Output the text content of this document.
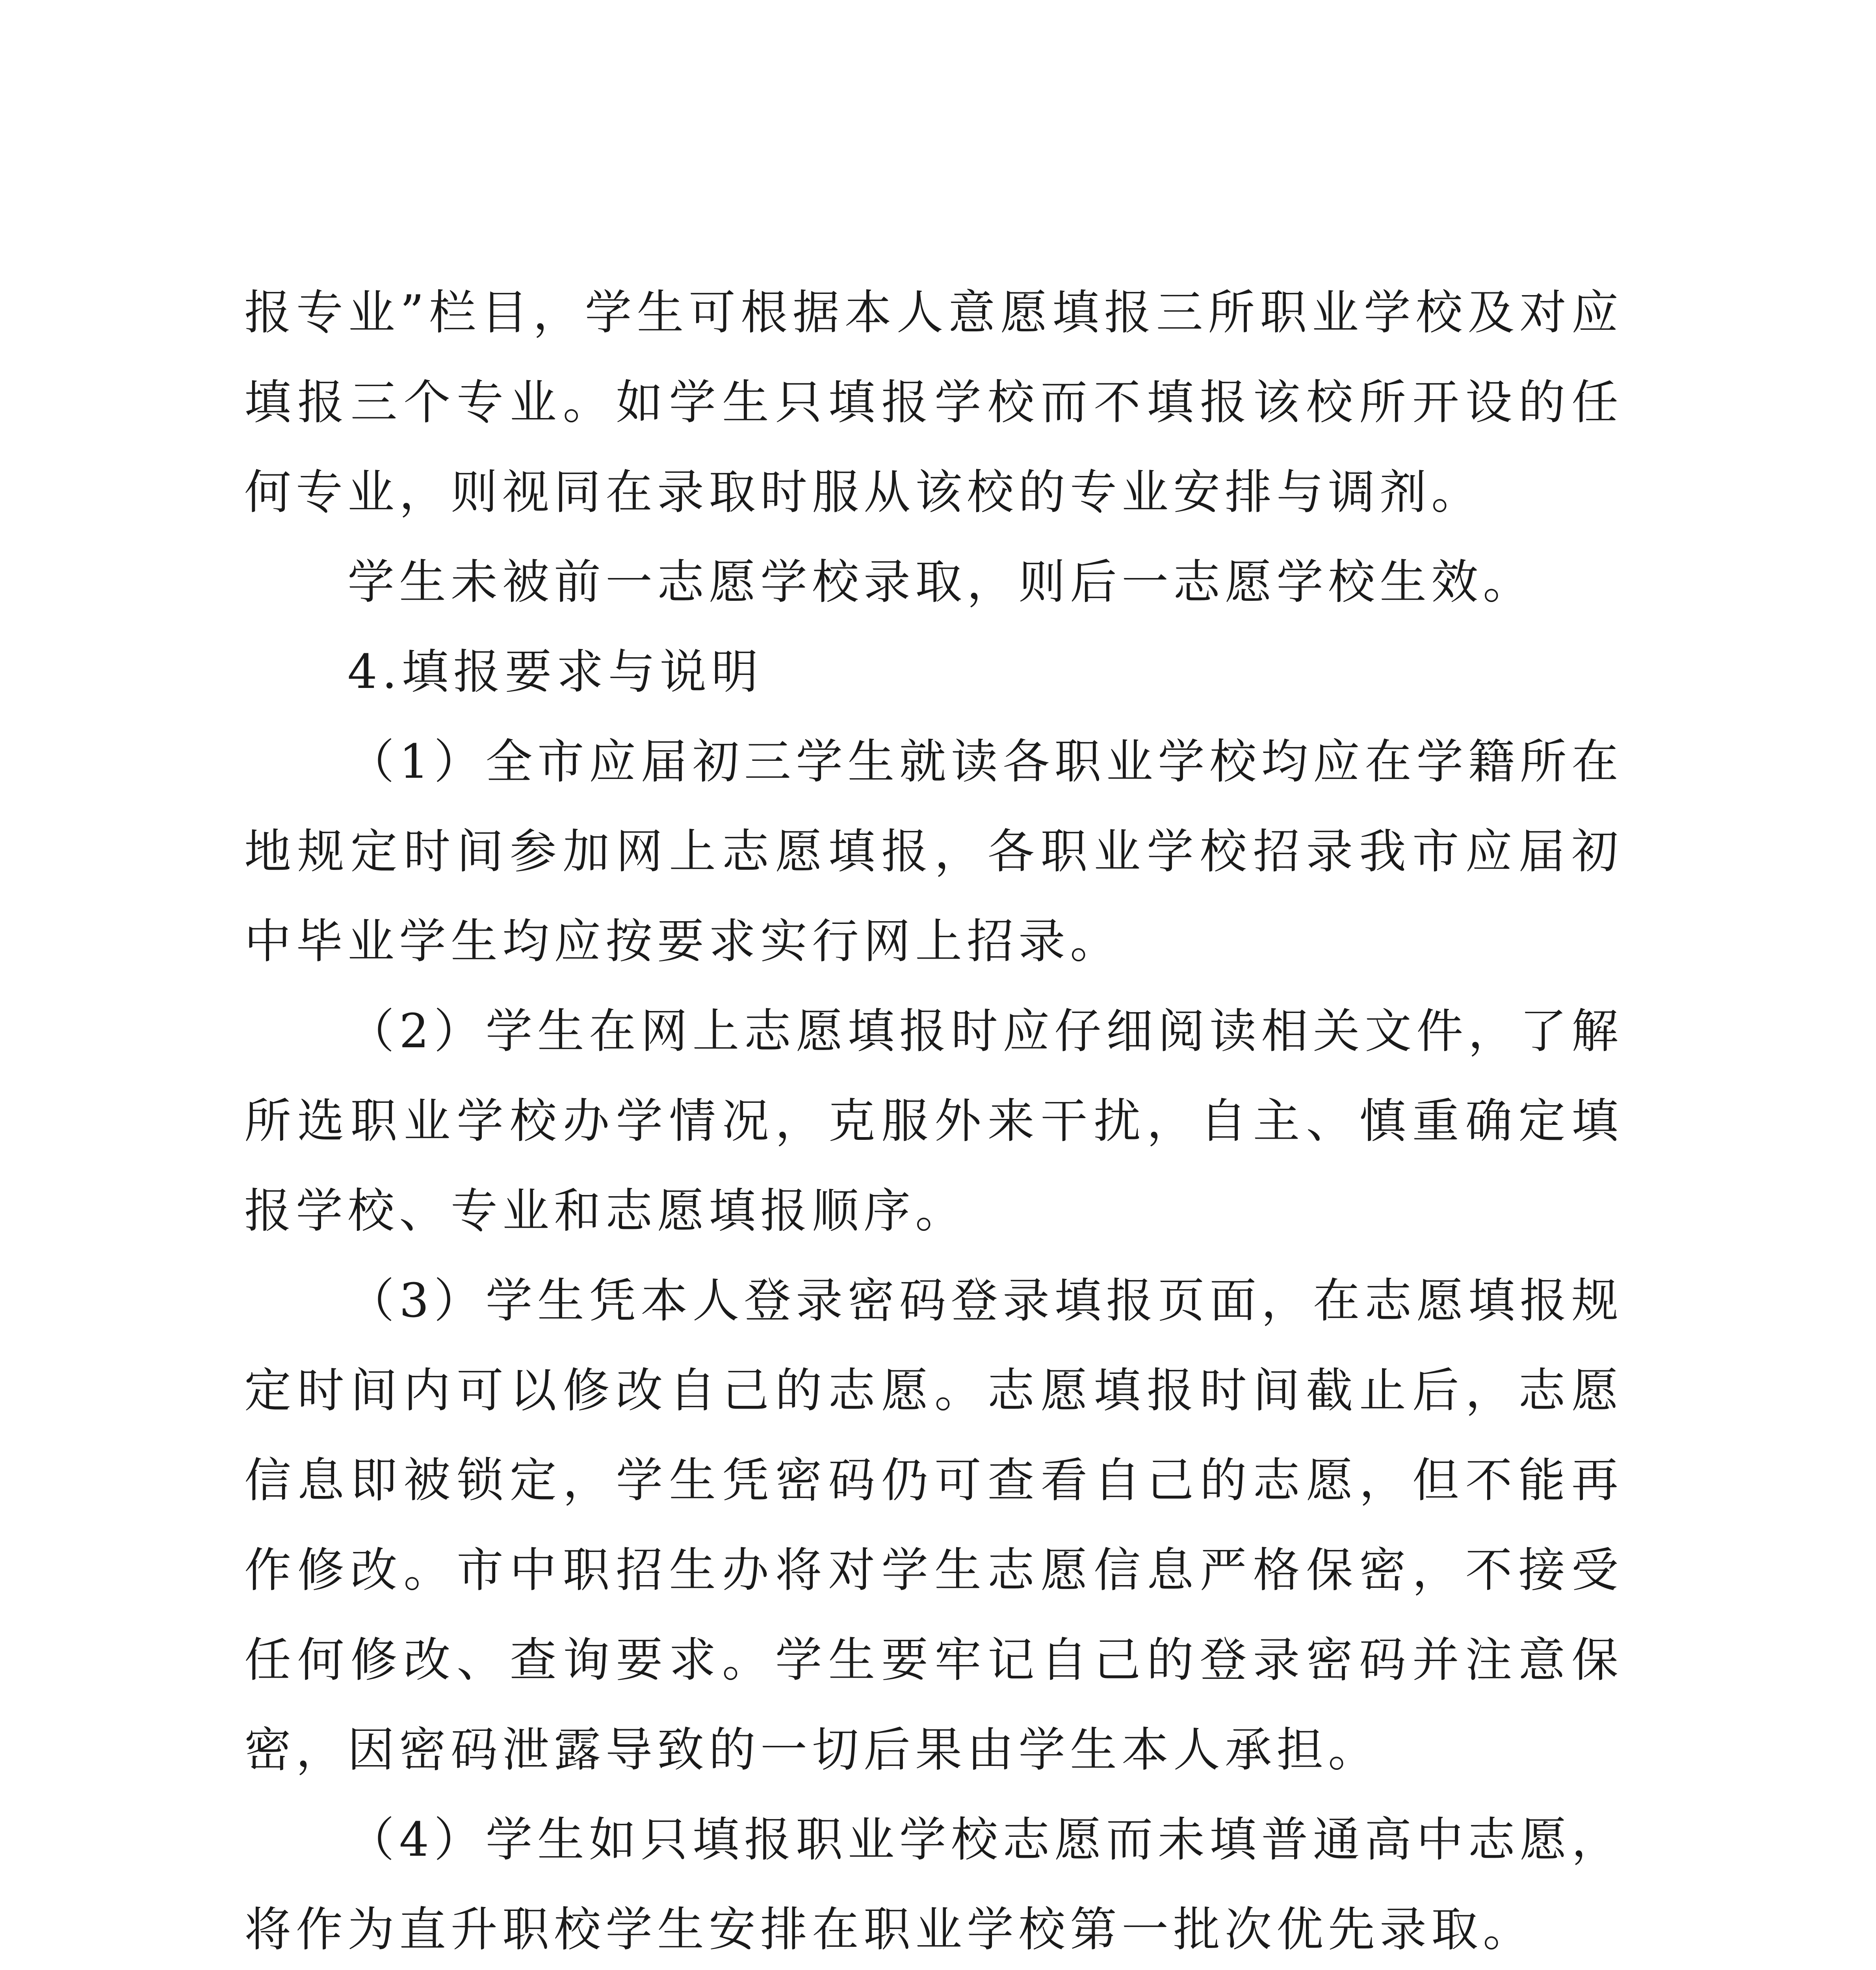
报专业”栏目，学生可根据本人意愿填报三所职业学校及对应填报三个专业。如学生只填报学校而不填报该校所开设的任何专业，则视同在录取时服从该校的专业安排与调剂。

学生未被前一志愿学校录取，则后一志愿学校生效。

4.填报要求与说明

（1）全市应届初三学生就读各职业学校均应在学籍所在地规定时间参加网上志愿填报，各职业学校招录我市应届初中毕业学生均应按要求实行网上招录。

（2）学生在网上志愿填报时应仔细阅读相关文件，了解所选职业学校办学情况，克服外来干扰，自主、慎重确定填报学校、专业和志愿填报顺序。

（3）学生凭本人登录密码登录填报页面，在志愿填报规定时间内可以修改自己的志愿。志愿填报时间截止后，志愿信息即被锁定，学生凭密码仍可查看自己的志愿，但不能再作修改。市中职招生办将对学生志愿信息严格保密，不接受任何修改、查询要求。学生要牢记自己的登录密码并注意保密，因密码泄露导致的一切后果由学生本人承担。

（4）学生如只填报职业学校志愿而未填普通高中志愿，将作为直升职校学生安排在职业学校第一批次优先录取。
